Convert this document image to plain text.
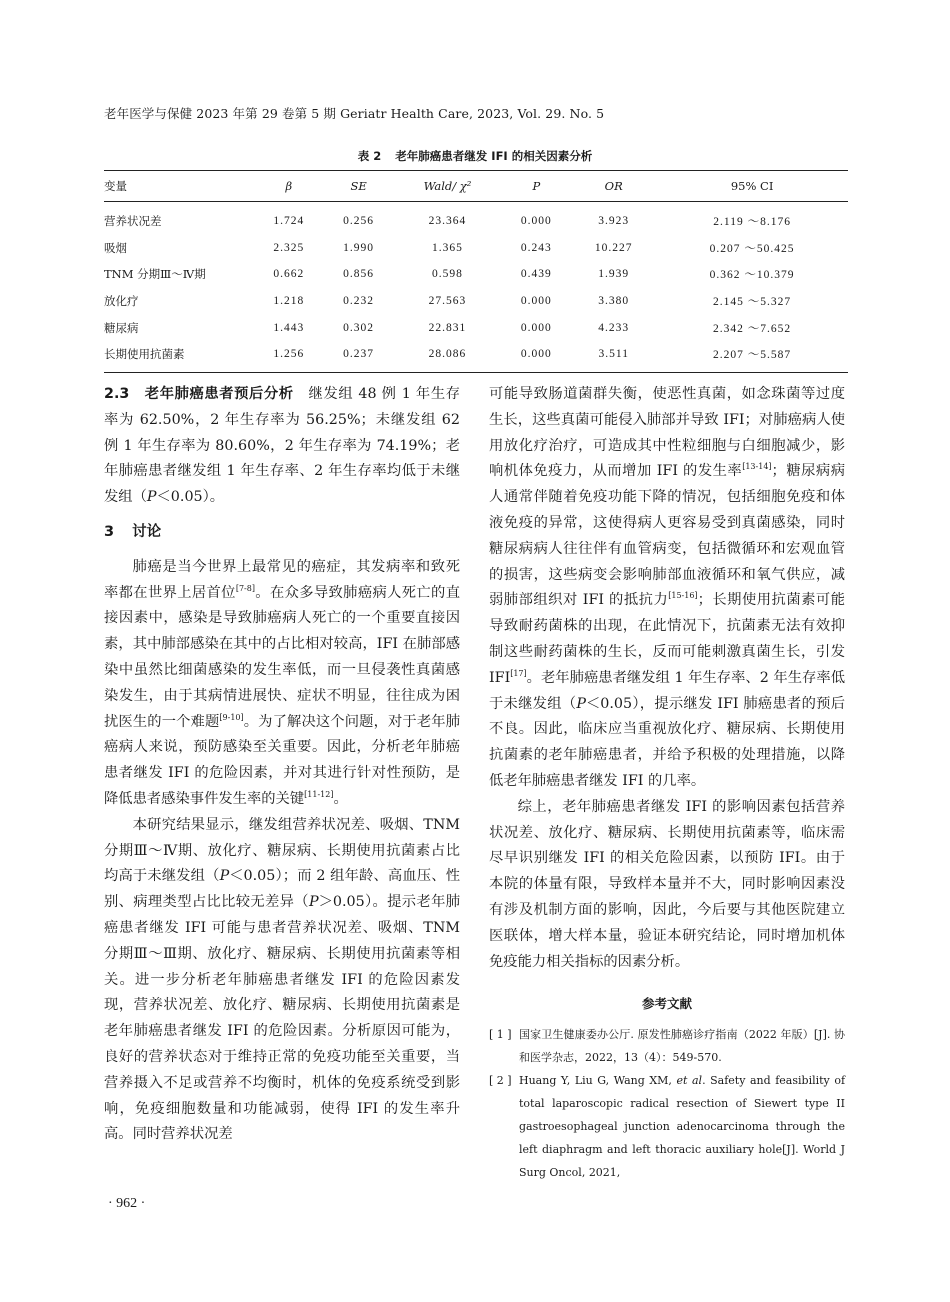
老年医学与保健 2023 年第 29 卷第 5 期 Geriatr Health Care, 2023, Vol. 29. No. 5
表 2 老年肺癌患者继发 IFI 的相关因素分析
变量	β	SE	Wald/ χ²	P	OR	95% CI
营养状况差	1.724	0.256	23.364	0.000	3.923	2.119 ～8.176
吸烟	2.325	1.990	1.365	0.243	10.227	0.207 ～50.425
TNM 分期Ⅲ～Ⅳ期	0.662	0.856	0.598	0.439	1.939	0.362 ～10.379
放化疗	1.218	0.232	27.563	0.000	3.380	2.145 ～5.327
糖尿病	1.443	0.302	22.831	0.000	4.233	2.342 ～7.652
长期使用抗菌素	1.256	0.237	28.086	0.000	3.511	2.207 ～5.587

2.3　老年肺癌患者预后分析　继发组 48 例 1 年生存率为 62.50%，2 年生存率为 56.25%；未继发组 62 例 1 年生存率为 80.60%，2 年生存率为 74.19%；老年肺癌患者继发组 1 年生存率、2 年生存率均低于未继发组（P＜0.05）。

3 讨论

肺癌是当今世界上最常见的癌症，其发病率和致死率都在世界上居首位[7-8]。在众多导致肺癌病人死亡的直接因素中，感染是导致肺癌病人死亡的一个重要直接因素，其中肺部感染在其中的占比相对较高，IFI 在肺部感染中虽然比细菌感染的发生率低，而一旦侵袭性真菌感染发生，由于其病情进展快、症状不明显，往往成为困扰医生的一个难题[9-10]。为了解决这个问题，对于老年肺癌病人来说，预防感染至关重要。因此，分析老年肺癌患者继发 IFI 的危险因素，并对其进行针对性预防，是降低患者感染事件发生率的关键[11-12]。

本研究结果显示，继发组营养状况差、吸烟、TNM 分期Ⅲ～Ⅳ期、放化疗、糖尿病、长期使用抗菌素占比均高于未继发组（P＜0.05）；而 2 组年龄、高血压、性别、病理类型占比比较无差异（P＞0.05）。提示老年肺癌患者继发 IFI 可能与患者营养状况差、吸烟、TNM 分期Ⅲ～Ⅲ期、放化疗、糖尿病、长期使用抗菌素等相关。进一步分析老年肺癌患者继发 IFI 的危险因素发现，营养状况差、放化疗、糖尿病、长期使用抗菌素是老年肺癌患者继发 IFI 的危险因素。分析原因可能为，良好的营养状态对于维持正常的免疫功能至关重要，当营养摄入不足或营养不均衡时，机体的免疫系统受到影响，免疫细胞数量和功能减弱，使得 IFI 的发生率升高。同时营养状况差

可能导致肠道菌群失衡，使恶性真菌，如念珠菌等过度生长，这些真菌可能侵入肺部并导致 IFI；对肺癌病人使用放化疗治疗，可造成其中性粒细胞与白细胞减少，影响机体免疫力，从而增加 IFI 的发生率[13-14]；糖尿病病人通常伴随着免疫功能下降的情况，包括细胞免疫和体液免疫的异常，这使得病人更容易受到真菌感染，同时糖尿病病人往往伴有血管病变，包括微循环和宏观血管的损害，这些病变会影响肺部血液循环和氧气供应，减弱肺部组织对 IFI 的抵抗力[15-16]；长期使用抗菌素可能导致耐药菌株的出现，在此情况下，抗菌素无法有效抑制这些耐药菌株的生长，反而可能刺激真菌生长，引发 IFI[17]。老年肺癌患者继发组 1 年生存率、2 年生存率低于未继发组（P＜0.05），提示继发 IFI 肺癌患者的预后不良。因此，临床应当重视放化疗、糖尿病、长期使用抗菌素的老年肺癌患者，并给予积极的处理措施，以降低老年肺癌患者继发 IFI 的几率。

综上，老年肺癌患者继发 IFI 的影响因素包括营养状况差、放化疗、糖尿病、长期使用抗菌素等，临床需尽早识别继发 IFI 的相关危险因素，以预防 IFI。由于本院的体量有限，导致样本量并不大，同时影响因素没有涉及机制方面的影响，因此，今后要与其他医院建立医联体，增大样本量，验证本研究结论，同时增加机体免疫能力相关指标的因素分析。

参考文献
[ 1 ] 国家卫生健康委办公厅. 原发性肺癌诊疗指南（2022 年版）[J]. 协和医学杂志，2022，13（4）：549-570.
[ 2 ] Huang Y, Liu G, Wang XM, et al. Safety and feasibility of total laparoscopic radical resection of Siewert type II gastroesophageal junction adenocarcinoma through the left diaphragm and left thoracic auxiliary hole[J]. World J Surg Oncol, 2021,
· 962 ·
